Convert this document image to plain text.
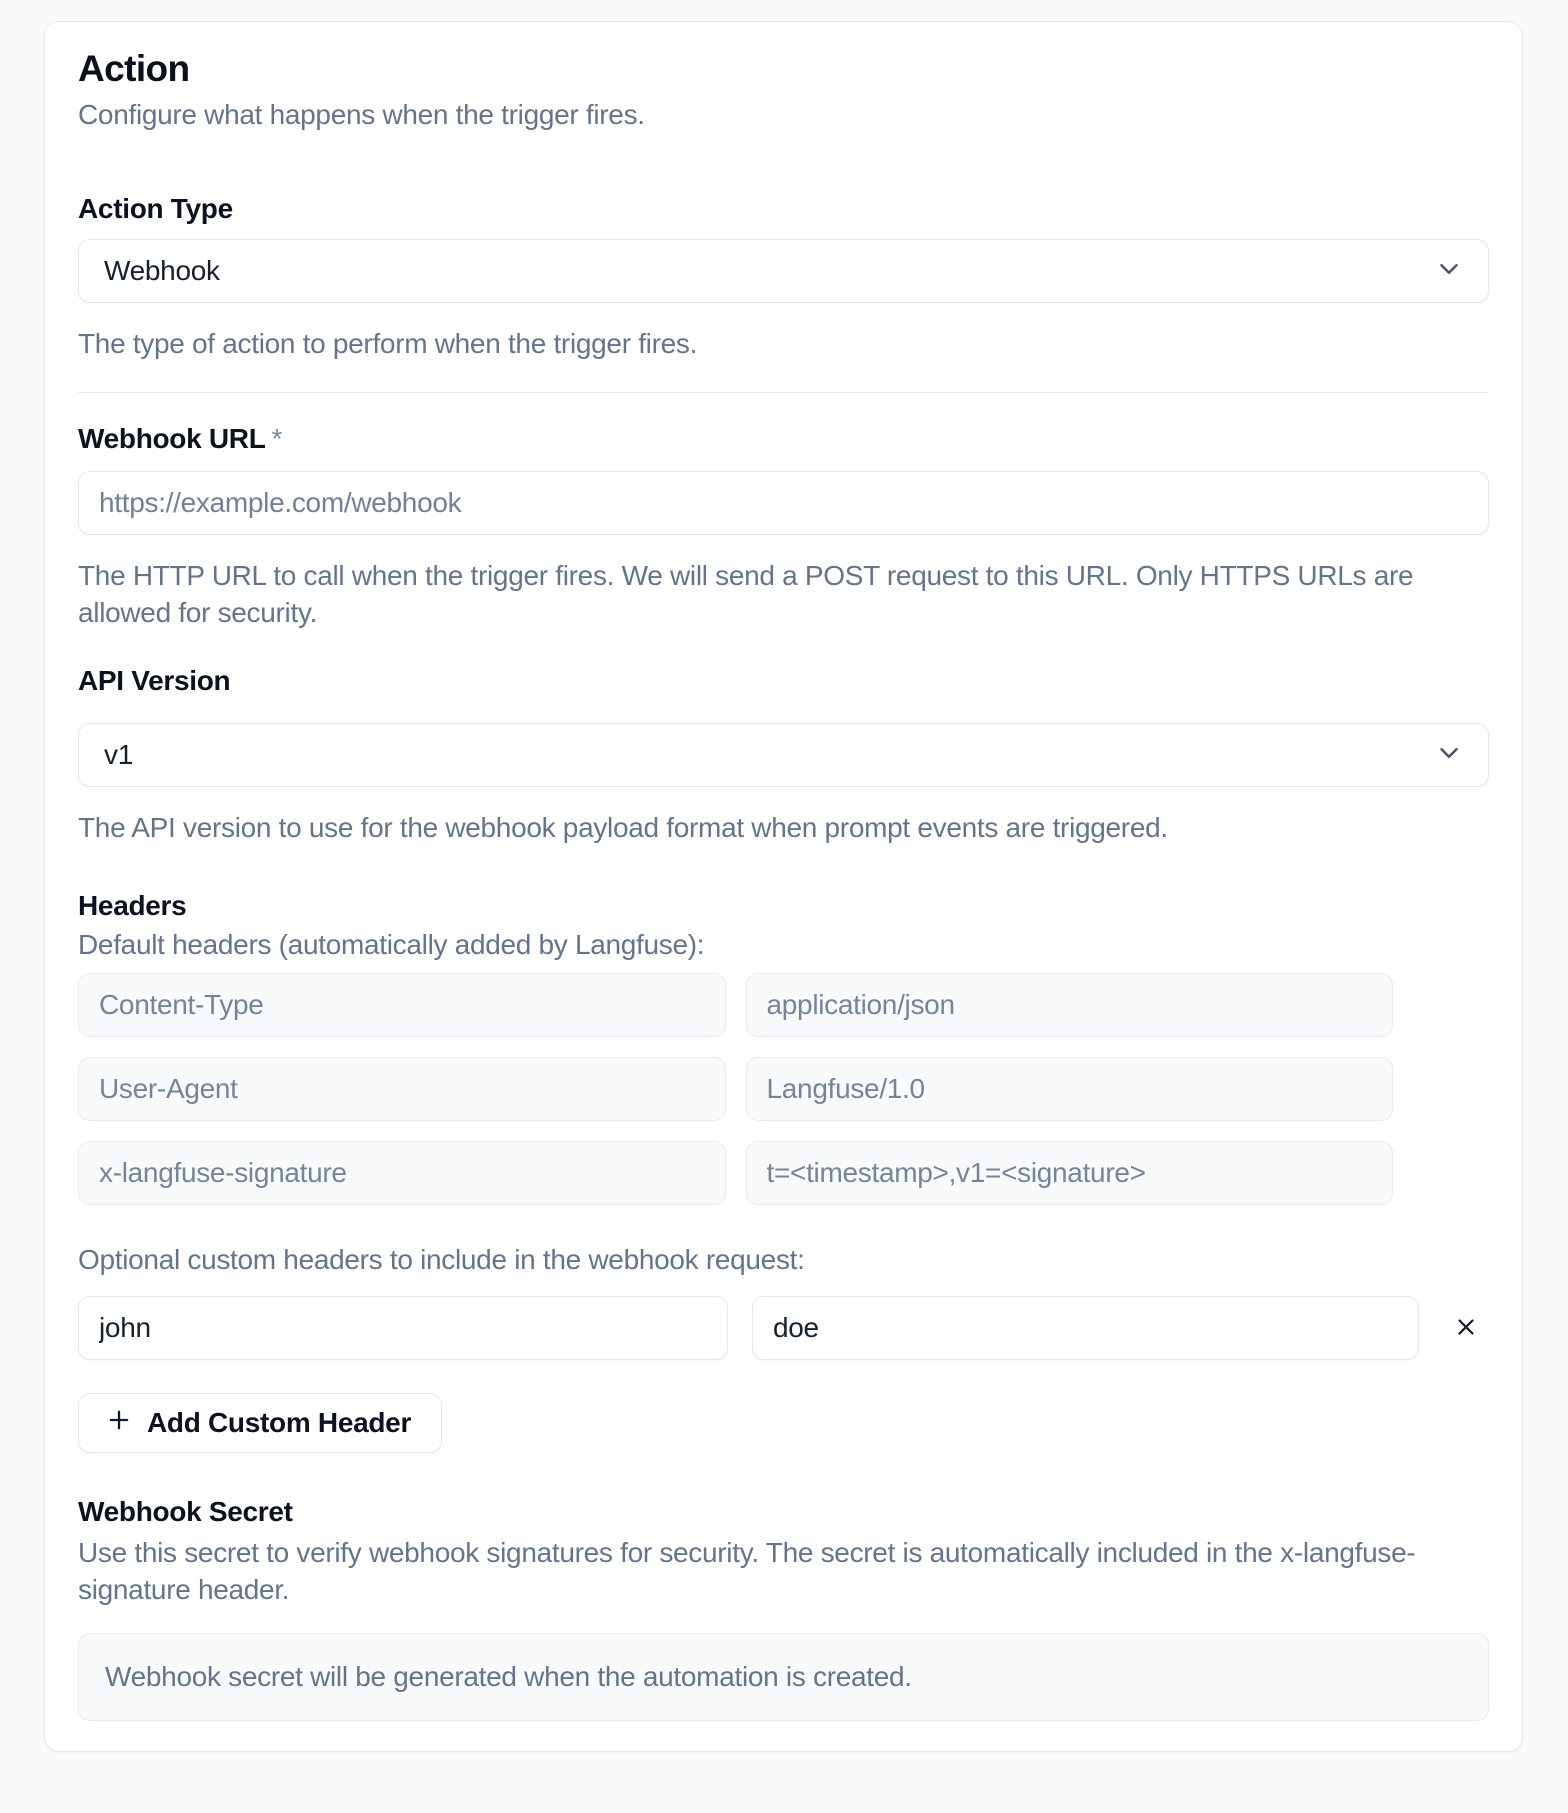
Action
Configure what happens when the trigger fires.
Action Type
Webhook
The type of action to perform when the trigger fires.
Webhook URL *
https://example.com/webhook
The HTTP URL to call when the trigger fires. We will send a POST request to this URL. Only HTTPS URLs are allowed for security.
API Version
v1
The API version to use for the webhook payload format when prompt events are triggered.
Headers
Default headers (automatically added by Langfuse):
Content-Type
application/json
User-Agent
Langfuse/1.0
x-langfuse-signature
t=<timestamp>,v1=<signature>
Optional custom headers to include in the webhook request:
john
doe
Add Custom Header
Webhook Secret
Use this secret to verify webhook signatures for security. The secret is automatically included in the x-langfuse-signature header.
Webhook secret will be generated when the automation is created.
